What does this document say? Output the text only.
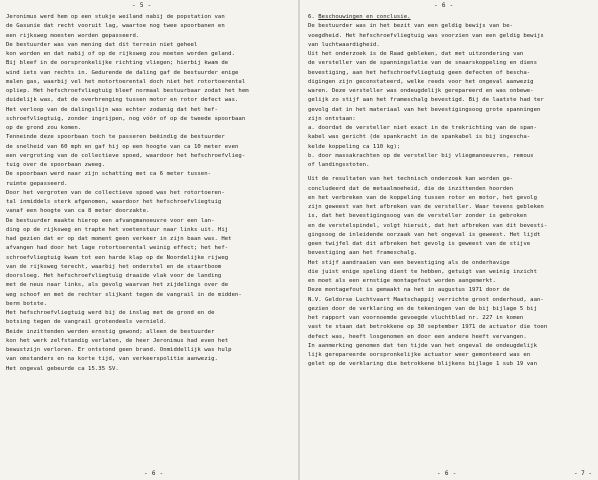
- 5 -
Jeronimus werd hem op een stukje weiland nabij de popstation van
de Gasunie dat recht vooruit lag, waartoe nog twee spoorbanen en
een rijksweg moesten worden gepasseerd.
De bestuurder was van mening dat dit terrein niet geheel
kon worden en dat nabij of op de rijksweg zou moeten worden geland.
Bij bleef in de oorspronkelijke richting vliegen; hierbij kwam de
wind iets van rechts in. Gedurende de daling gaf de bestuurder enige
malen gas, waarbij vel het motortoerental doch niet het rotortoerental
opliep. Het hefschroefvliegtuig bleef normaal bestuurbaar zodat het hem
duidelijk was, dat de overbrenging tussen motor en rotor defect was.
Het verloop van de dalingslijn was echter zodanig dat het hef-
schroefvliegtuig, zonder ingrijpen, nog vóór of op de tweede spoorbaan
op de grond zou komen.
Tenneinde deze spoorbaan toch te passeren beëindig de bestuurder
de snelheid van 60 mph en gaf hij op een hoogte van ca 10 meter even
een vergroting van de collectieve spoed, waardoor het hefschroefvlieg-
tuig over de spoorbaan zweeg.
De spoorbaan werd naar zijn schatting met ca 6 meter tussen-
ruimte gepasseerd.
Door het vergroten van de collectieve spoed was het rotortoeren-
tal inmiddels sterk afgenomen, waardoor het hefschroefvliegtuig
vanaf een hoogte van ca 8 meter doorzakte.
De bestuurder maakte hierop een afvangmanoeuvre voor een lan-
ding op de rijksweg en trapte het voetenstuur naar links uit. Hij
had gezien dat er op dat moment geen verkeer in zijn baan was. Het
afvangen had door het lage rotortoerental weinig effect; het hef-
schroefvliegtuig kwam tot een harde klap op de Noordelijke rijweg
van de rijksweg terecht, waarbij het onderstel en de staartboom
doorsloeg. Het hefschroefvliegtuig draaide vlak voor de landing
met de neus naar links, als gevolg waarvan het zijdelings over de
weg schoof en met de rechter slijkant tegen de vangrail in de midden-
berm botste.
Het hefschroefvliegtuig werd bij de inslag met de grond en de
botsing tegen de vangrail grotendeels vernield.
Beide inzittenden werden ernstig gewond; alleen de bestuurder
kon het werk zelfstandig verlaten, de heer Jeronimus had even het
bewustzijn verloren. Er ontstond geen brand. Onmiddellijk was hulp
van omstanders en na korte tijd, van verkeerspolitie aanwezig.
Het ongeval gebeurde ca 15.35 SV.
- 6 -
- 6 -
6. Beschouwingen en conclusie.
De bestuurder was in het bezit van een geldig bewijs van be-
voegdheid. Het hefschroefvliegtuig was voorzien van een geldig bewijs
van luchtwaardigheid.
Uit het onderzoek is de Raad gebleken, dat met uitzondering van
de versteller van de spanningslatie van de snaarskoppeling en diens
bevestiging, aan het hefschroefvliegtuig geen defecten of bescha-
digingen zijn geconstateerd, welke reeds voor het ongeval aanwezig
waren. Deze versteller was ondeugdelijk gerepareerd en was onbewe-
gelijk zo stijf aan het frameschalg bevestigd. Bij de laatste had ter
gevolg dat in het materiaal van het bevestigingsoog grote spanningen
zijn ontstaan:
a. doordat de versteller niet exact in de trekrichting van de span-
kabel was gericht (de spankracht in de spankabel is bij ingescha-
kelde koppeling ca 110 kg);
b. door massakrachten op de versteller bij vliegmanoeuvres, remous
of landingsstoten.
Uit de resultaten van het technisch onderzoek kan worden ge-
concludeerd dat de metaalmoeheid, die de inzittenden hoorden
en het verbreken van de koppeling tussen rotor en motor, het gevolg
zijn geweest van het afbreken van de versteller. Waar tevens gebleken
is, dat het bevestigingsoog van de versteller zonder is gebroken
en de verstelspindel, volgt hieruit, dat het afbreken van dit bevesti-
gingsoog de inleidende oorzaak van het ongeval is geweest. Het lijdt
geen twijfel dat dit afbreken het gevolg is geweest van de stijve
bevestiging aan het frameschalg.
Het stijf aandraaien van een bevestiging als de onderhavige
die juist enige speling dient te hebben, getuigt van weinig inzicht
en moet als een ernstige montagefout worden aangemerkt.
Deze montagefout is gemaakt na het in augustus 1971 door de
N.V. Geldorse Luchtvaart Maatschappij verrichte groot onderhoud, aan-
gezien door de verklaring en de tekeningen van de bij bijlage 5 bij
het rapport van voornoemde gevoegde vluchtblad nr. 227 in komen
vast te staan dat betrokkene op 30 september 1971 de actuator die toen
defect was, heeft losgenomen en door een andere heeft vervangen.
In aanmerking genomen dat ten tijde van het ongeval de ondeugdelijk
lijk gerepareerde oorspronkelijke actuator weer gemonteerd was en
gelet op de verklaring die betrokkene blijkens bijlage 1 sub 19 van
- 6 -	- 7 -
